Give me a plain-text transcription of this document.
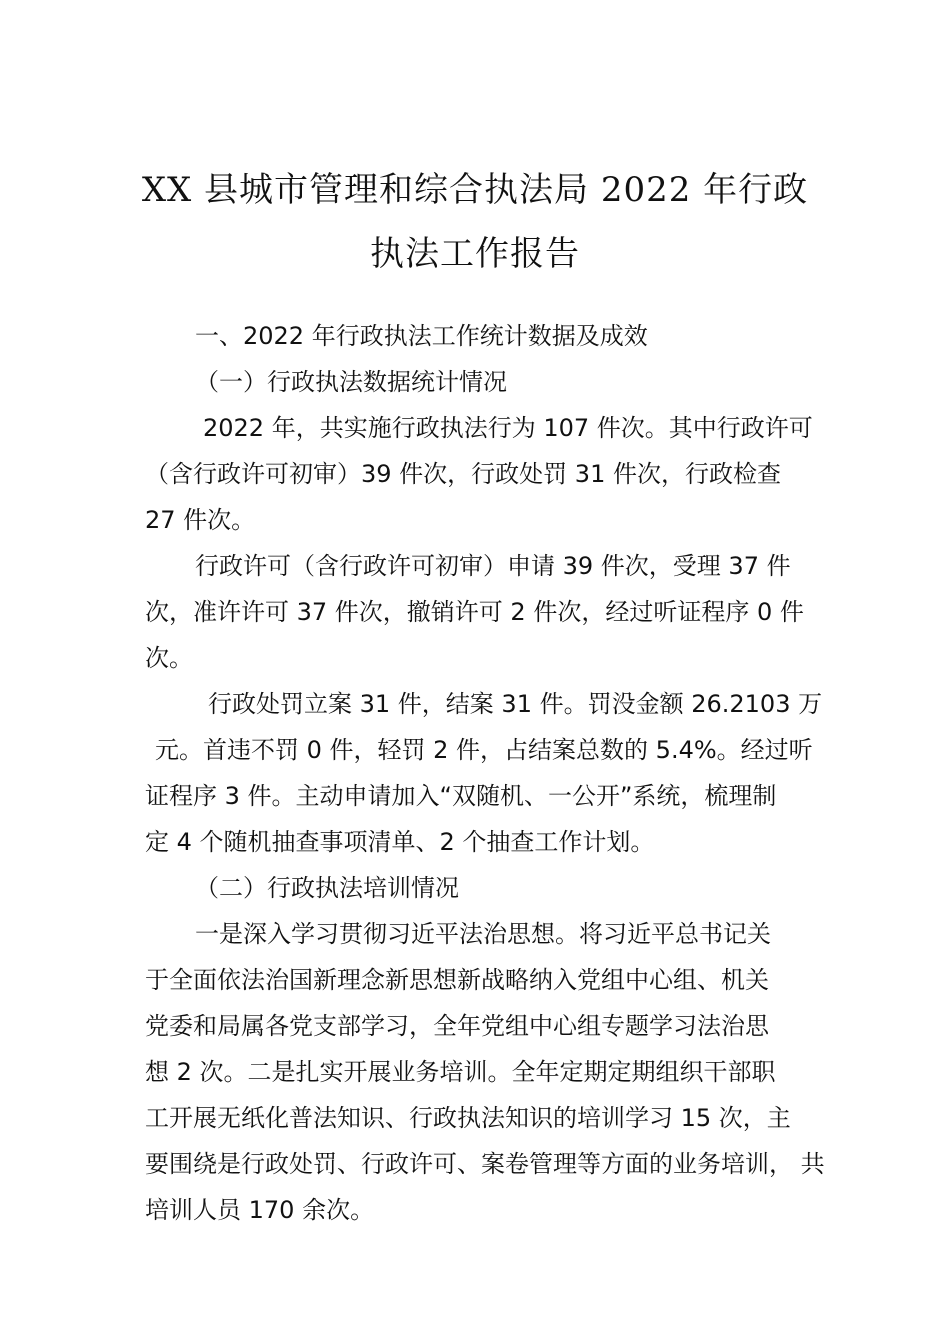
XX 县城市管理和综合执法局 2022 年行政
执法工作报告
一、2022 年行政执法工作统计数据及成效
（一）行政执法数据统计情况
2022 年，共实施行政执法行为 107 件次。其中行政许可
（含行政许可初审）39 件次，行政处罚 31 件次，行政检查
27 件次。
行政许可（含行政许可初审）申请 39 件次，受理 37 件
次，准许许可 37 件次，撤销许可 2 件次，经过听证程序 0 件
次。
行政处罚立案 31 件，结案 31 件。罚没金额 26.2103 万
元。首违不罚 0 件，轻罚 2 件，占结案总数的 5.4%。经过听
证程序 3 件。主动申请加入“双随机、一公开”系统，梳理制
定 4 个随机抽查事项清单、2 个抽查工作计划。
（二）行政执法培训情况
一是深入学习贯彻习近平法治思想。将习近平总书记关
于全面依法治国新理念新思想新战略纳入党组中心组、机关
党委和局属各党支部学习，全年党组中心组专题学习法治思
想 2 次。二是扎实开展业务培训。全年定期定期组织干部职
工开展无纸化普法知识、行政执法知识的培训学习 15 次，主
要围绕是行政处罚、行政许可、案卷管理等方面的业务培训， 共
培训人员 170 余次。
